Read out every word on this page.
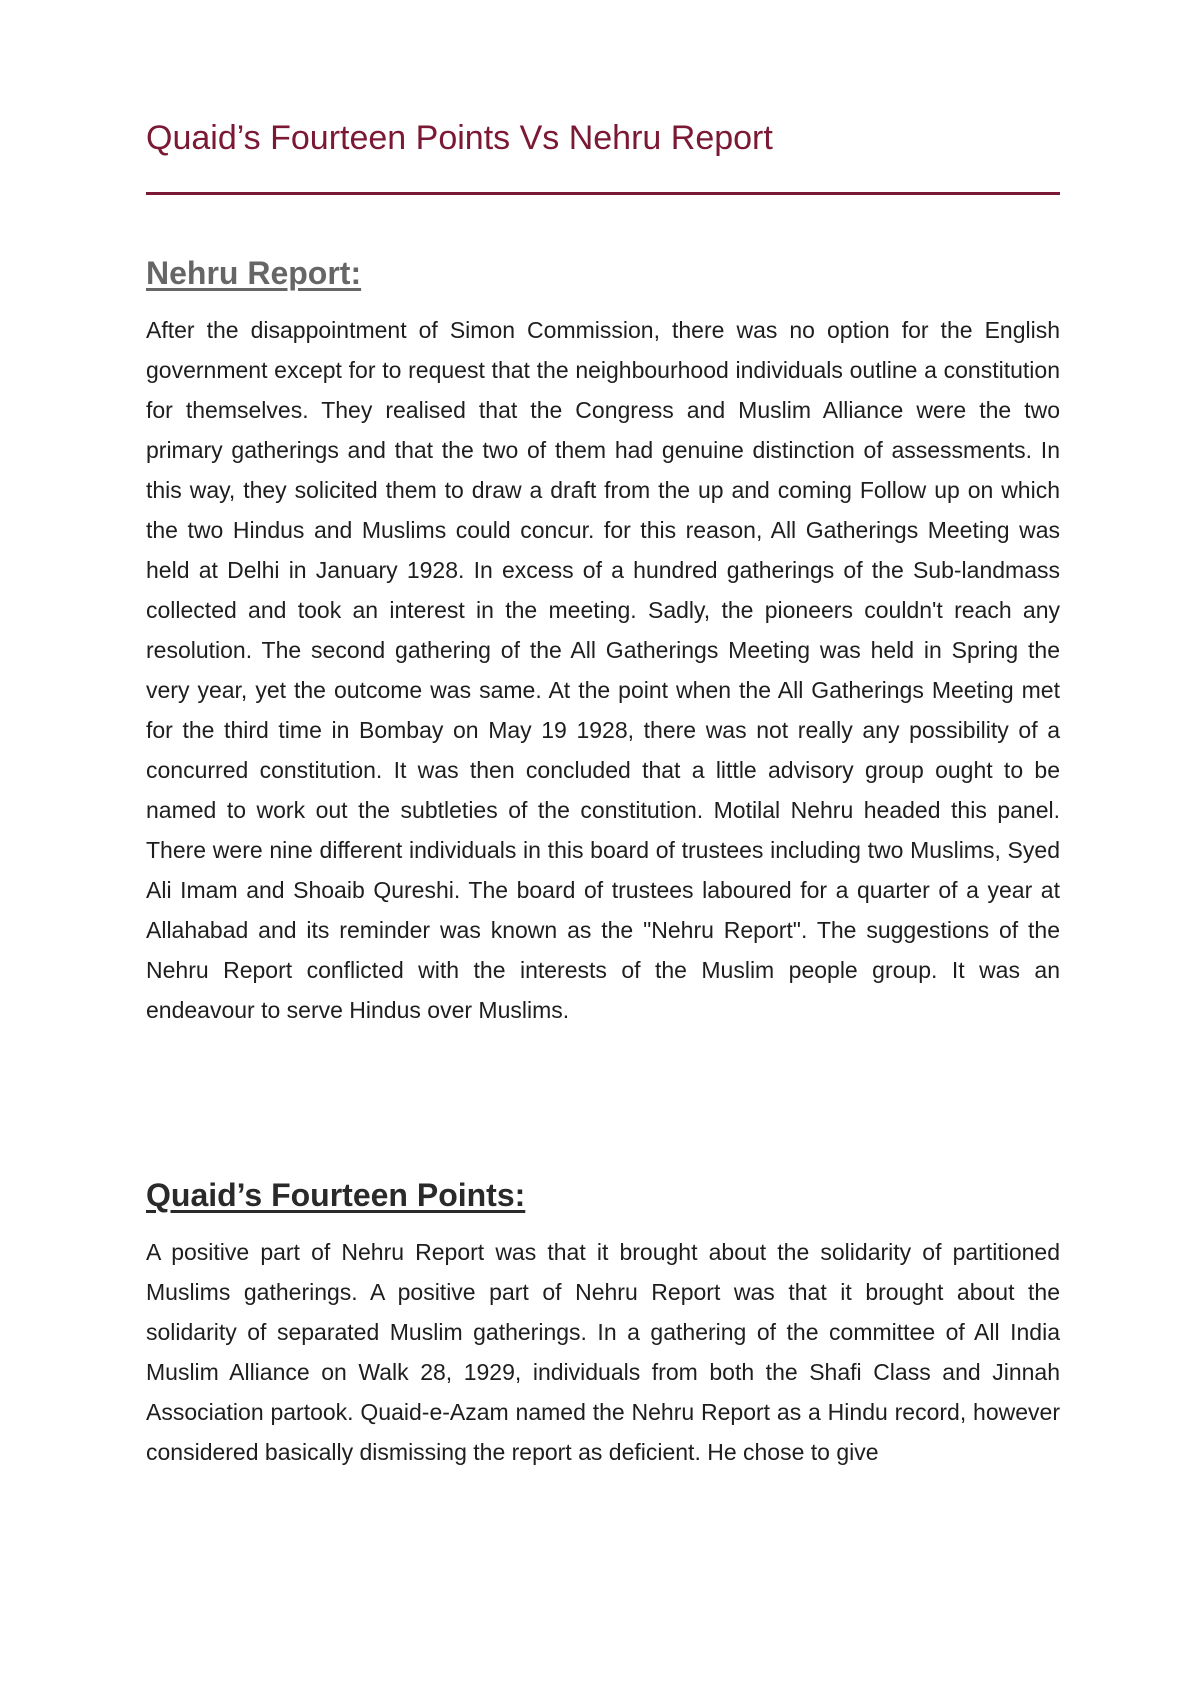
Quaid’s Fourteen Points Vs Nehru Report
Nehru Report:

After the disappointment of Simon Commission, there was no option for the English government except for to request that the neighbourhood individuals outline a constitution for themselves. They realised that the Congress and Muslim Alliance were the two primary gatherings and that the two of them had genuine distinction of assessments. In this way, they solicited them to draw a draft from the up and coming Follow up on which the two Hindus and Muslims could concur. for this reason, All Gatherings Meeting was held at Delhi in January 1928. In excess of a hundred gatherings of the Sub-landmass collected and took an interest in the meeting. Sadly, the pioneers couldn't reach any resolution. The second gathering of the All Gatherings Meeting was held in Spring the very year, yet the outcome was same. At the point when the All Gatherings Meeting met for the third time in Bombay on May 19 1928, there was not really any possibility of a concurred constitution. It was then concluded that a little advisory group ought to be named to work out the subtleties of the constitution. Motilal Nehru headed this panel. There were nine different individuals in this board of trustees including two Muslims, Syed Ali Imam and Shoaib Qureshi. The board of trustees laboured for a quarter of a year at Allahabad and its reminder was known as the "Nehru Report". The suggestions of the Nehru Report conflicted with the interests of the Muslim people group. It was an endeavour to serve Hindus over Muslims.

Quaid’s Fourteen Points:

A positive part of Nehru Report was that it brought about the solidarity of partitioned Muslims gatherings. A positive part of Nehru Report was that it brought about the solidarity of separated Muslim gatherings. In a gathering of the committee of All India Muslim Alliance on Walk 28, 1929, individuals from both the Shafi Class and Jinnah Association partook. Quaid-e-Azam named the Nehru Report as a Hindu record, however considered basically dismissing the report as deficient. He chose to give
